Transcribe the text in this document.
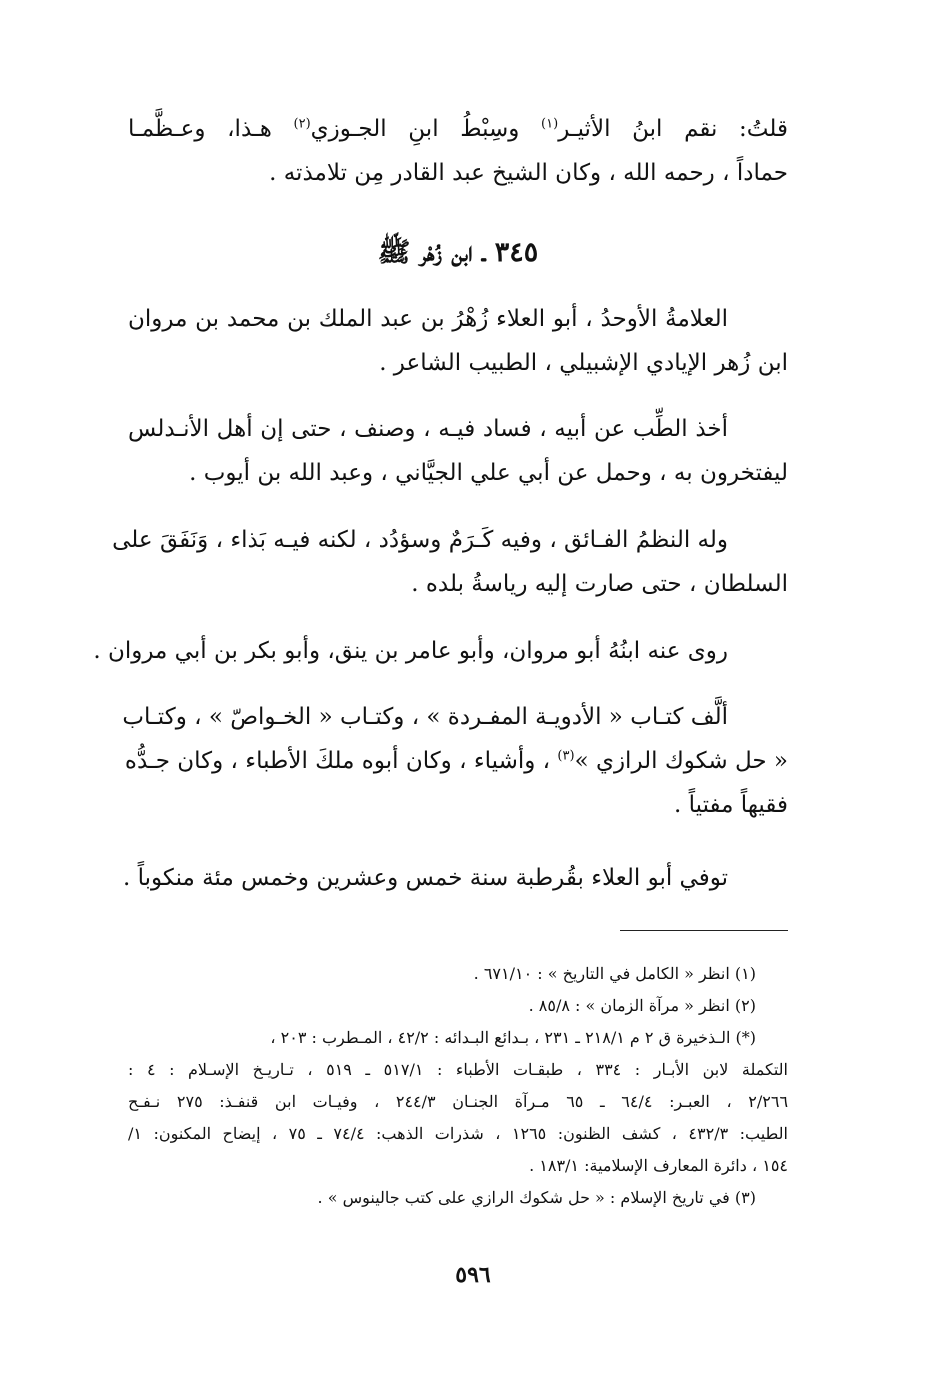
قلتُ: نقم ابنُ الأثيـر$^{(١)}$ وسِبْطُ ابنِ الجـوزي$^{(٢)}$ هـذا، وعـظَّمـا
حماداً ، رحمه الله ، وكان الشيخ عبد القادر مِن تلامذته .
٣٤٥ ـ ابن زُهْر ﷺ
العلامةُ الأوحدُ ، أبو العلاء زُهْرُ بن عبد الملك بن محمد بن مروان
ابن زُهر الإيادي الإشبيلي ، الطبيب الشاعر .
أخذ الطِّب عن أبيه ، فساد فيـه ، وصنف ، حتى إن أهل الأنـدلس
ليفتخرون به ، وحمل عن أبي علي الجيَّاني ، وعبد الله بن أيوب .
وله النظمُ الفـائق ، وفيه كَـرَمٌ وسؤدُد ، لكنه فيـه بَذاء ، وَنَفَقَ على
السلطان ، حتى صارت إليه رياسةُ بلده .
روى عنه ابنُهُ أبو مروان، وأبو عامر بن ينق، وأبو بكر بن أبي مروان .
ألَّف كتـاب « الأدويـة المفـردة » ، وكتـاب « الخـواصّ » ، وكتـاب
« حل شكوك الرازي »$^{(٣)}$ ، وأشياء ، وكان أبوه ملكَ الأطباء ، وكان جـدُّه
فقيهاً مفتياً .
توفي أبو العلاء بقُرطبة سنة خمس وعشرين وخمس مئة منكوباً .
(١) انظر « الكامل في التاريخ » : ٦٧١/١٠ .
(٢) انظر « مرآة الزمان » : ٨٥/٨ .
(*) الـذخيرة ق ٢ م ٢١٨/١ ـ ٢٣١ ، بـدائع البـدائه : ٤٢/٢ ، المـطرب : ٢٠٣ ،
التكملة لابن الأبـار : ٣٣٤ ، طبقـات الأطباء : ٥١٧/١ ـ ٥١٩ ، تـاريـخ الإسـلام : ٤ :
٢/٢٦٦ ، العبـر: ٦٤/٤ ـ ٦٥ مـرآة الجنـان ٢٤٤/٣ ، وفيـات ابن قنفـذ: ٢٧٥ نـفـح
الطيب: ٤٣٢/٣ ، كشف الظنون: ١٢٦٥ ، شذرات الذهب: ٧٤/٤ ـ ٧٥ ، إيضاح المكنون: ١/
١٥٤ ، دائرة المعارف الإسلامية: ١٨٣/١ .
(٣) في تاريخ الإسلام : « حل شكوك الرازي على كتب جالينوس » .
٥٩٦
